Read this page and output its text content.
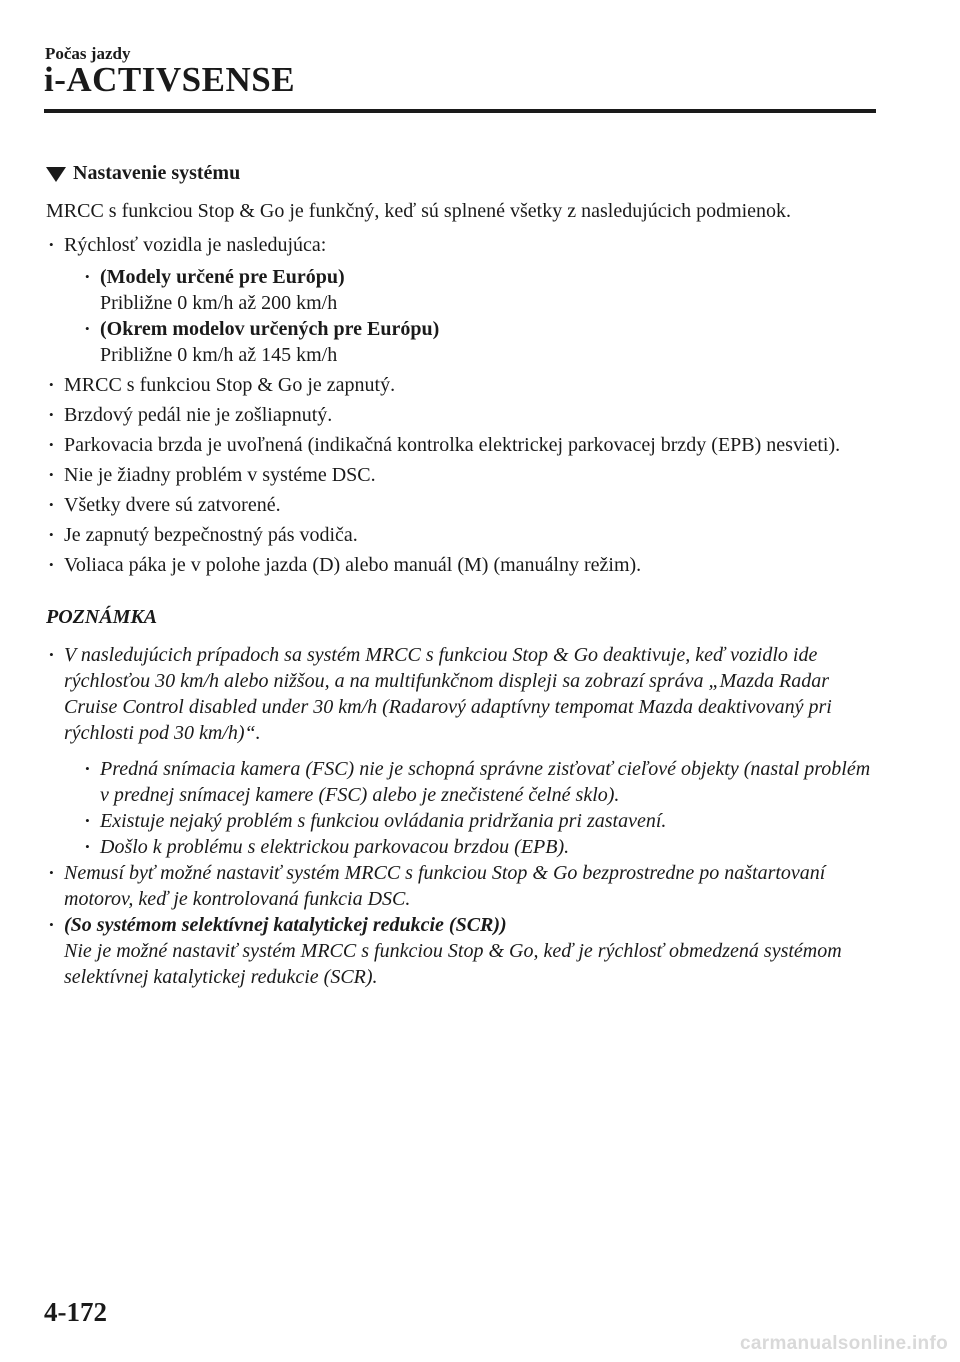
Počas jazdy
i-ACTIVSENSE
Nastavenie systému

MRCC s funkciou Stop & Go je funkčný, keď sú splnené všetky z nasledujúcich podmienok.

• Rýchlosť vozidla je nasledujúca:
• (Modely určené pre Európu)
Približne 0 km/h až 200 km/h
• (Okrem modelov určených pre Európu)
Približne 0 km/h až 145 km/h
• MRCC s funkciou Stop & Go je zapnutý.
• Brzdový pedál nie je zošliapnutý.
• Parkovacia brzda je uvoľnená (indikačná kontrolka elektrickej parkovacej brzdy (EPB) nesvieti).
• Nie je žiadny problém v systéme DSC.
• Všetky dvere sú zatvorené.
• Je zapnutý bezpečnostný pás vodiča.
• Voliaca páka je v polohe jazda (D) alebo manuál (M) (manuálny režim).
POZNÁMKA
• V nasledujúcich prípadoch sa systém MRCC s funkciou Stop & Go deaktivuje, keď vozidlo ide rýchlosťou 30 km/h alebo nižšou, a na multifunkčnom displeji sa zobrazí správa „Mazda Radar Cruise Control disabled under 30 km/h (Radarový adaptívny tempomat Mazda deaktivovaný pri rýchlosti pod 30 km/h)“.
• Predná snímacia kamera (FSC) nie je schopná správne zisťovať cieľové objekty (nastal problém v prednej snímacej kamere (FSC) alebo je znečistené čelné sklo).
• Existuje nejaký problém s funkciou ovládania pridržania pri zastavení.
• Došlo k problému s elektrickou parkovacou brzdou (EPB).
• Nemusí byť možné nastaviť systém MRCC s funkciou Stop & Go bezprostredne po naštartovaní motorov, keď je kontrolovaná funkcia DSC.
• (So systémom selektívnej katalytickej redukcie (SCR))
Nie je možné nastaviť systém MRCC s funkciou Stop & Go, keď je rýchlosť obmedzená systémom selektívnej katalytickej redukcie (SCR).
4-172
carmanualsonline.info
